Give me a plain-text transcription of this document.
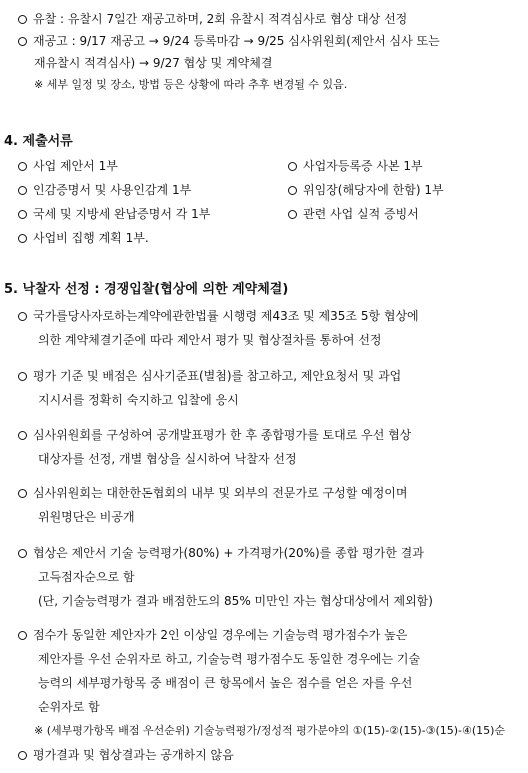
유찰 : 유찰시 7일간 재공고하며, 2회 유찰시 적격심사로 협상 대상 선정
재공고 : 9/17 재공고 → 9/24 등록마감 → 9/25 심사위원회(제안서 심사 또는
재유찰시 적격심사) → 9/27 협상 및 계약체결
※ 세부 일정 및 장소, 방법 등은 상황에 따라 추후 변경될 수 있음.
4. 제출서류
사업 제안서 1부	사업자등록증 사본 1부
인감증명서 및 사용인감계 1부	위임장(해당자에 한함) 1부
국세 및 지방세 완납증명서 각 1부	관련 사업 실적 증빙서
사업비 집행 계획 1부.
5. 낙찰자 선정 : 경쟁입찰(협상에 의한 계약체결)
국가를당사자로하는계약에관한법률 시행령 제43조 및 제35조 5항 협상에
의한 계약체결기준에 따라 제안서 평가 및 협상절차를 통하여 선정
평가 기준 및 배점은 심사기준표(별첨)를 참고하고, 제안요청서 및 과업
지시서를 정확히 숙지하고 입찰에 응시
심사위원회를 구성하여 공개발표평가 한 후 종합평가를 토대로 우선 협상
대상자를 선정, 개별 협상을 실시하여 낙찰자 선정
심사위원회는 대한한돈협회의 내부 및 외부의 전문가로 구성할 예정이며
위원명단은 비공개
협상은 제안서 기술 능력평가(80%) + 가격평가(20%)를 종합 평가한 결과
고득점자순으로 함
(단, 기술능력평가 결과 배점한도의 85% 미만인 자는 협상대상에서 제외함)
점수가 동일한 제안자가 2인 이상일 경우에는 기술능력 평가점수가 높은
제안자를 우선 순위자로 하고, 기술능력 평가점수도 동일한 경우에는 기술
능력의 세부평가항목 중 배점이 큰 항목에서 높은 점수를 얻은 자를 우선
순위자로 함
※ (세부평가항목 배점 우선순위) 기술능력평가/정성적 평가분야의 ①(15)-②(15)-③(15)-④(15)순
평가결과 및 협상결과는 공개하지 않음
